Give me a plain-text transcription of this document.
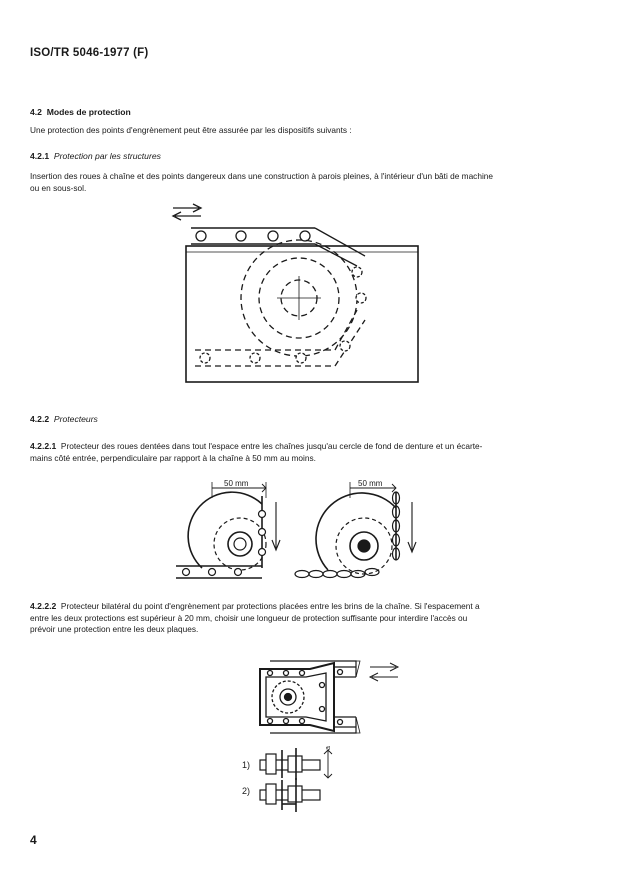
ISO/TR 5046-1977 (F)
4.2 Modes de protection
Une protection des points d'engrènement peut être assurée par les dispositifs suivants :
4.2.1 Protection par les structures
Insertion des roues à chaîne et des points dangereux dans une construction à parois pleines, à l'intérieur d'un bâti de machine
ou en sous-sol.
4.2.2 Protecteurs
4.2.2.1 Protecteur des roues dentées dans tout l'espace entre les chaînes jusqu'au cercle de fond de denture et un écarte-
mains côté entrée, perpendiculaire par rapport à la chaîne à 50 mm au moins.
50 mm	50 mm
4.2.2.2 Protecteur bilatéral du point d'engrènement par protections placées entre les brins de la chaîne. Si l'espacement a
entre les deux protections est supérieur à 20 mm, choisir une longueur de protection suffisante pour interdire l'accès ou
prévoir une protection entre les deux plaques.
1)
2)
a
4
